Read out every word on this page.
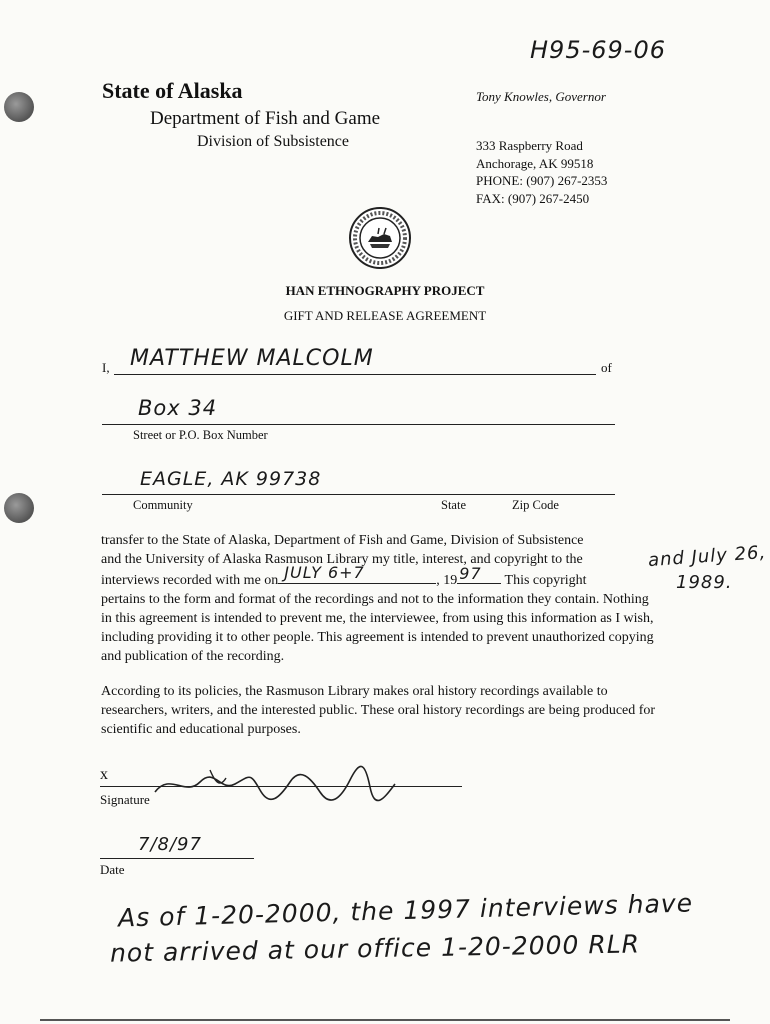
H95-69-06
State of Alaska
Department of Fish and Game
Division of Subsistence
Tony Knowles, Governor
333 Raspberry Road
Anchorage, AK 99518
PHONE: (907) 267-2353
FAX: (907) 267-2450
HAN ETHNOGRAPHY PROJECT
GIFT AND RELEASE AGREEMENT
I, MATTHEW MALCOLM	of
Box 34
Street or P.O. Box Number
EAGLE, AK 99738
Community	State	Zip Code
transfer to the State of Alaska, Department of Fish and Game, Division of Subsistence
and the University of Alaska Rasmuson Library my title, interest, and copyright to the
interviews recorded with me on JULY 6+7	, 19 97 This copyright
pertains to the form and format of the recordings and not to the information they contain. Nothing in this agreement is intended to prevent me, the interviewee, from using this information as I wish, including providing it to other people. This agreement is intended to prevent unauthorized copying and publication of the recording.
and July 26,
1989.
According to its policies, the Rasmuson Library makes oral history recordings available to researchers, writers, and the interested public. These oral history recordings are being produced for scientific and educational purposes.
x
Signature
7/8/97
Date
As of 1-20-2000, the 1997 interviews have
not arrived at our office 1-20-2000 RLR
